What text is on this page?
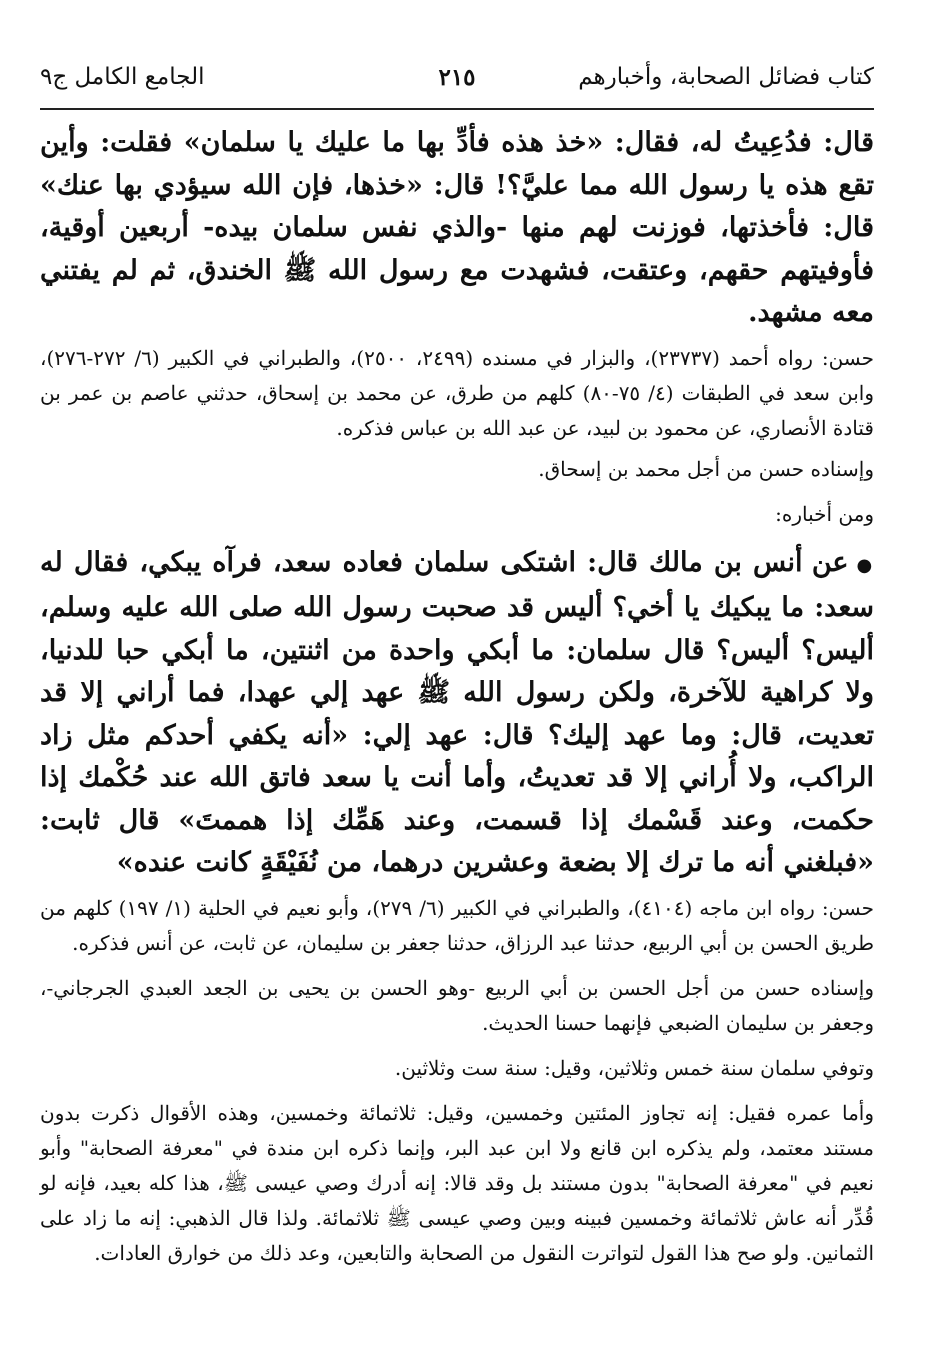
كتاب فضائل الصحابة، وأخبارهم
٢١٥
الجامع الكامل ج٩

قال: فدُعِيتُ له، فقال: «خذ هذه فأدِّ بها ما عليك يا سلمان» فقلت: وأين تقع هذه يا رسول الله مما عليَّ؟! قال: «خذها، فإن الله سيؤدي بها عنك» قال: فأخذتها، فوزنت لهم منها -والذي نفس سلمان بيده- أربعين أوقية، فأوفيتهم حقهم، وعتقت، فشهدت مع رسول الله ﷺ الخندق، ثم لم يفتني معه مشهد.

حسن: رواه أحمد (٢٣٧٣٧)، والبزار في مسنده (٢٤٩٩، ٢٥٠٠)، والطبراني في الكبير (٦/ ٢٧٢-٢٧٦)، وابن سعد في الطبقات (٤/ ٧٥-٨٠) كلهم من طرق، عن محمد بن إسحاق، حدثني عاصم بن عمر بن قتادة الأنصاري، عن محمود بن لبيد، عن عبد الله بن عباس فذكره.

وإسناده حسن من أجل محمد بن إسحاق.

ومن أخباره:

● عن أنس بن مالك قال: اشتكى سلمان فعاده سعد، فرآه يبكي، فقال له سعد: ما يبكيك يا أخي؟ أليس قد صحبت رسول الله صلى الله عليه وسلم، أليس؟ أليس؟ قال سلمان: ما أبكي واحدة من اثنتين، ما أبكي حبا للدنيا، ولا كراهية للآخرة، ولكن رسول الله ﷺ عهد إلي عهدا، فما أراني إلا قد تعديت، قال: وما عهد إليك؟ قال: عهد إلي: «أنه يكفي أحدكم مثل زاد الراكب، ولا أُراني إلا قد تعديتُ، وأما أنت يا سعد فاتق الله عند حُكْمك إذا حكمت، وعند قَسْمك إذا قسمت، وعند هَمِّك إذا هممتَ» قال ثابت: «فبلغني أنه ما ترك إلا بضعة وعشرين درهما، من نُفَيْقَةٍ كانت عنده»

حسن: رواه ابن ماجه (٤١٠٤)، والطبراني في الكبير (٦/ ٢٧٩)، وأبو نعيم في الحلية (١/ ١٩٧) كلهم من طريق الحسن بن أبي الربيع، حدثنا عبد الرزاق، حدثنا جعفر بن سليمان، عن ثابت، عن أنس فذكره.

وإسناده حسن من أجل الحسن بن أبي الربيع -وهو الحسن بن يحيى بن الجعد العبدي الجرجاني-، وجعفر بن سليمان الضبعي فإنهما حسنا الحديث.

وتوفي سلمان سنة خمس وثلاثين، وقيل: سنة ست وثلاثين.

وأما عمره فقيل: إنه تجاوز المئتين وخمسين، وقيل: ثلاثمائة وخمسين، وهذه الأقوال ذكرت بدون مستند معتمد، ولم يذكره ابن قانع ولا ابن عبد البر، وإنما ذكره ابن مندة في "معرفة الصحابة" وأبو نعيم في "معرفة الصحابة" بدون مستند بل وقد قالا: إنه أدرك وصي عيسى ﷺ، هذا كله بعيد، فإنه لو قُدِّر أنه عاش ثلاثمائة وخمسين فبينه وبين وصي عيسى ﷺ ثلاثمائة. ولذا قال الذهبي: إنه ما زاد على الثمانين. ولو صح هذا القول لتواترت النقول من الصحابة والتابعين، وعد ذلك من خوارق العادات.
